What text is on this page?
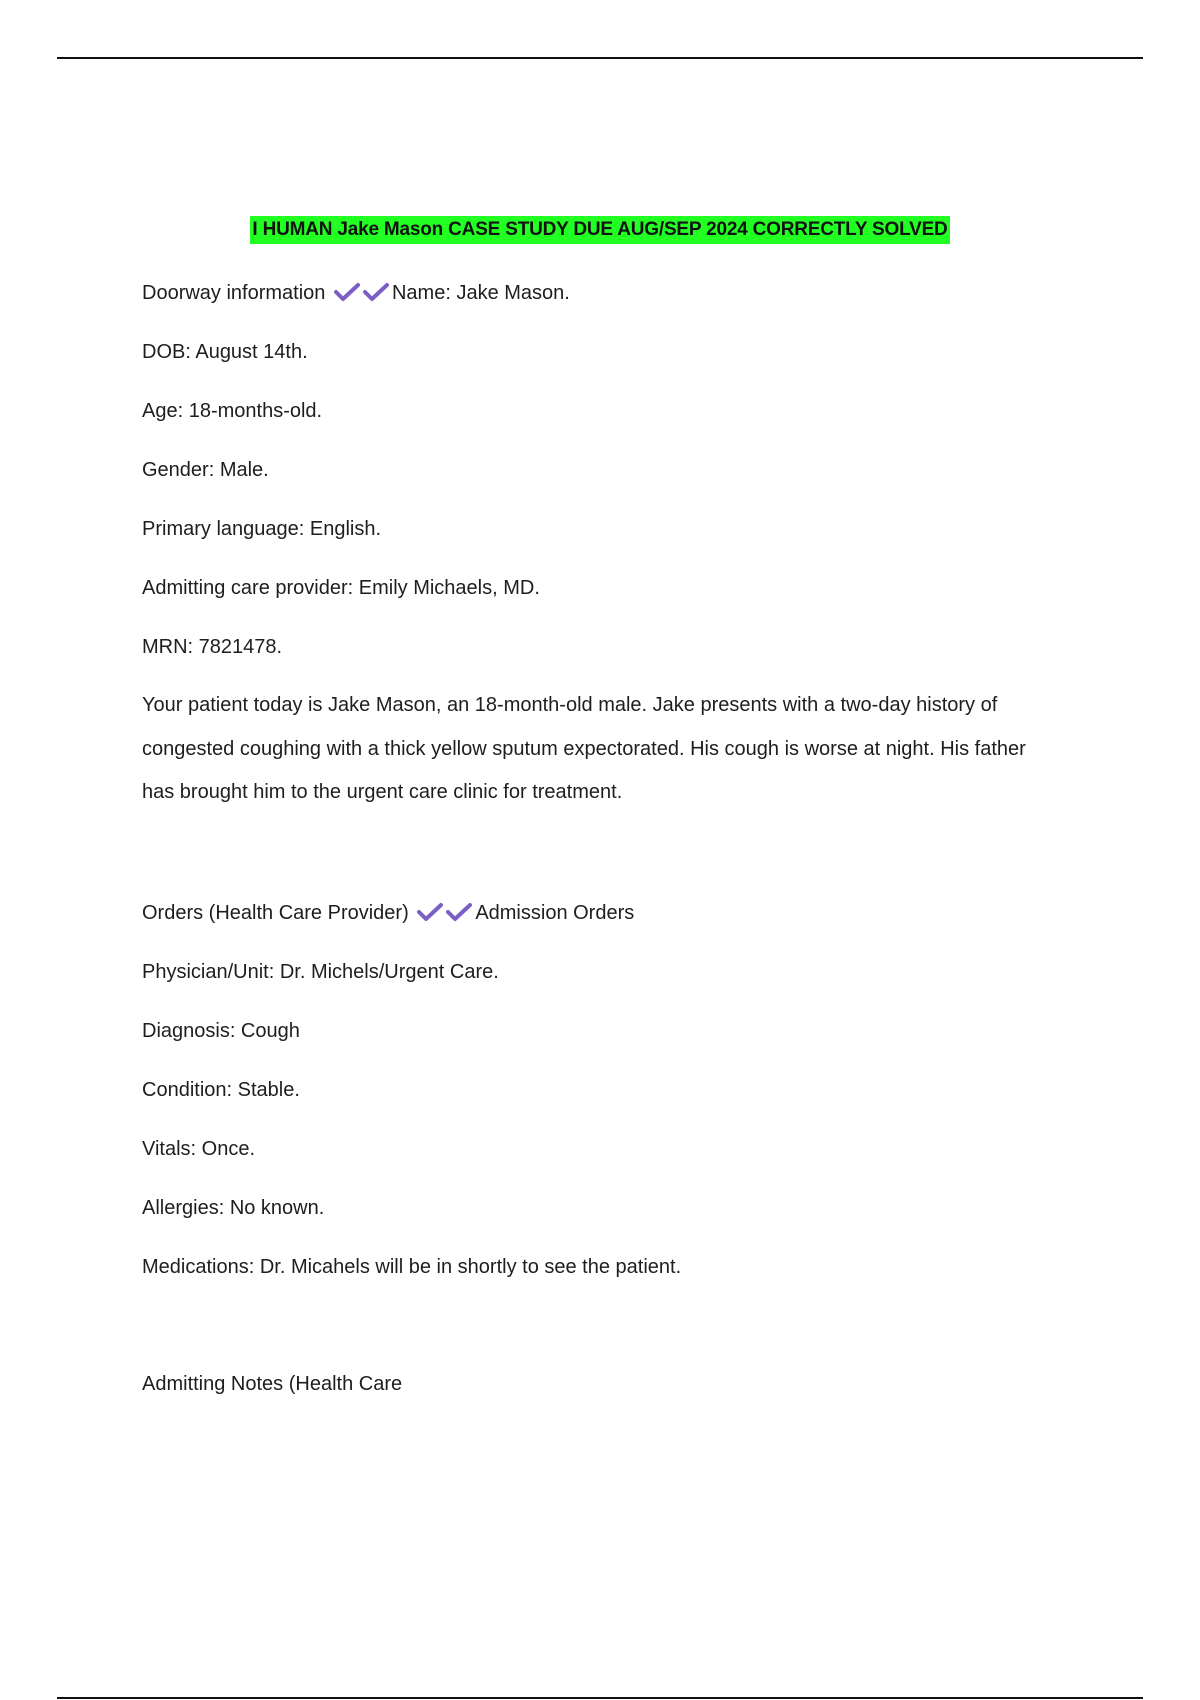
I HUMAN Jake Mason CASE STUDY DUE AUG/SEP 2024 CORRECTLY SOLVED
Doorway information	Name: Jake Mason.
DOB: August 14th.
Age: 18-months-old.
Gender: Male.
Primary language: English.
Admitting care provider: Emily Michaels, MD.
MRN: 7821478.
Your patient today is Jake Mason, an 18-month-old male. Jake presents with a two-day history of congested coughing with a thick yellow sputum expectorated. His cough is worse at night. His father has brought him to the urgent care clinic for treatment.
Orders (Health Care Provider)	Admission Orders
Physician/Unit: Dr. Michels/Urgent Care.
Diagnosis: Cough
Condition: Stable.
Vitals: Once.
Allergies: No known.
Medications: Dr. Micahels will be in shortly to see the patient.
Admitting Notes (Health Care
